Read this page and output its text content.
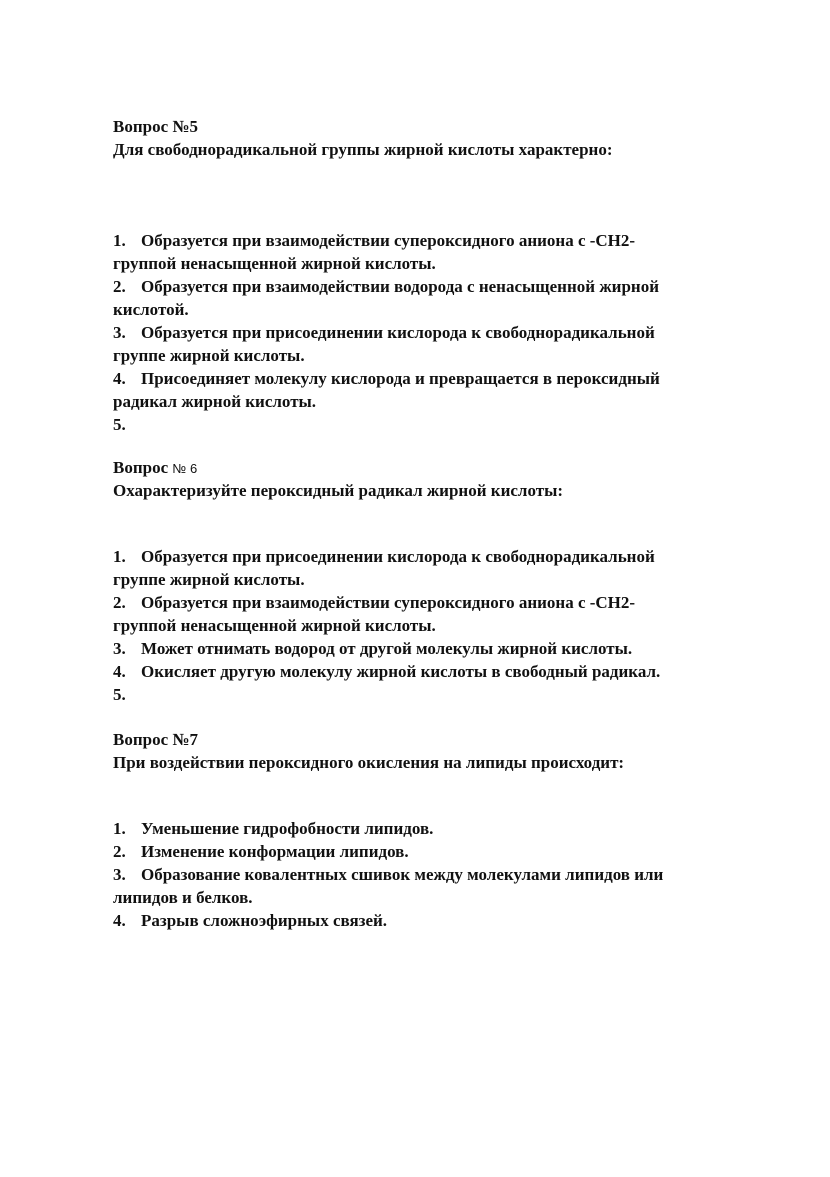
Вопрос №5
Для свободнорадикальной группы жирной кислоты характерно:
1. Образуется при взаимодействии супероксидного аниона с -СН2-
группой ненасыщенной жирной кислоты.
2. Образуется при взаимодействии водорода с ненасыщенной жирной
кислотой.
3. Образуется при присоединении кислорода к свободнорадикальной
группе жирной кислоты.
4. Присоединяет молекулу кислорода и превращается в пероксидный
радикал жирной кислоты.
5.
Вопрос № 6
Охарактеризуйте пероксидный радикал жирной кислоты:
1. Образуется при присоединении кислорода к свободнорадикальной
группе жирной кислоты.
2. Образуется при взаимодействии супероксидного аниона с -СН2-
группой ненасыщенной жирной кислоты.
3. Может отнимать водород от другой молекулы жирной кислоты.
4. Окисляет другую молекулу жирной кислоты в свободный радикал.
5.
Вопрос №7
При воздействии пероксидного окисления на липиды происходит:
1. Уменьшение гидрофобности липидов.
2. Изменение конформации липидов.
3. Образование ковалентных сшивок между молекулами липидов или
липидов и белков.
4. Разрыв сложноэфирных связей.
